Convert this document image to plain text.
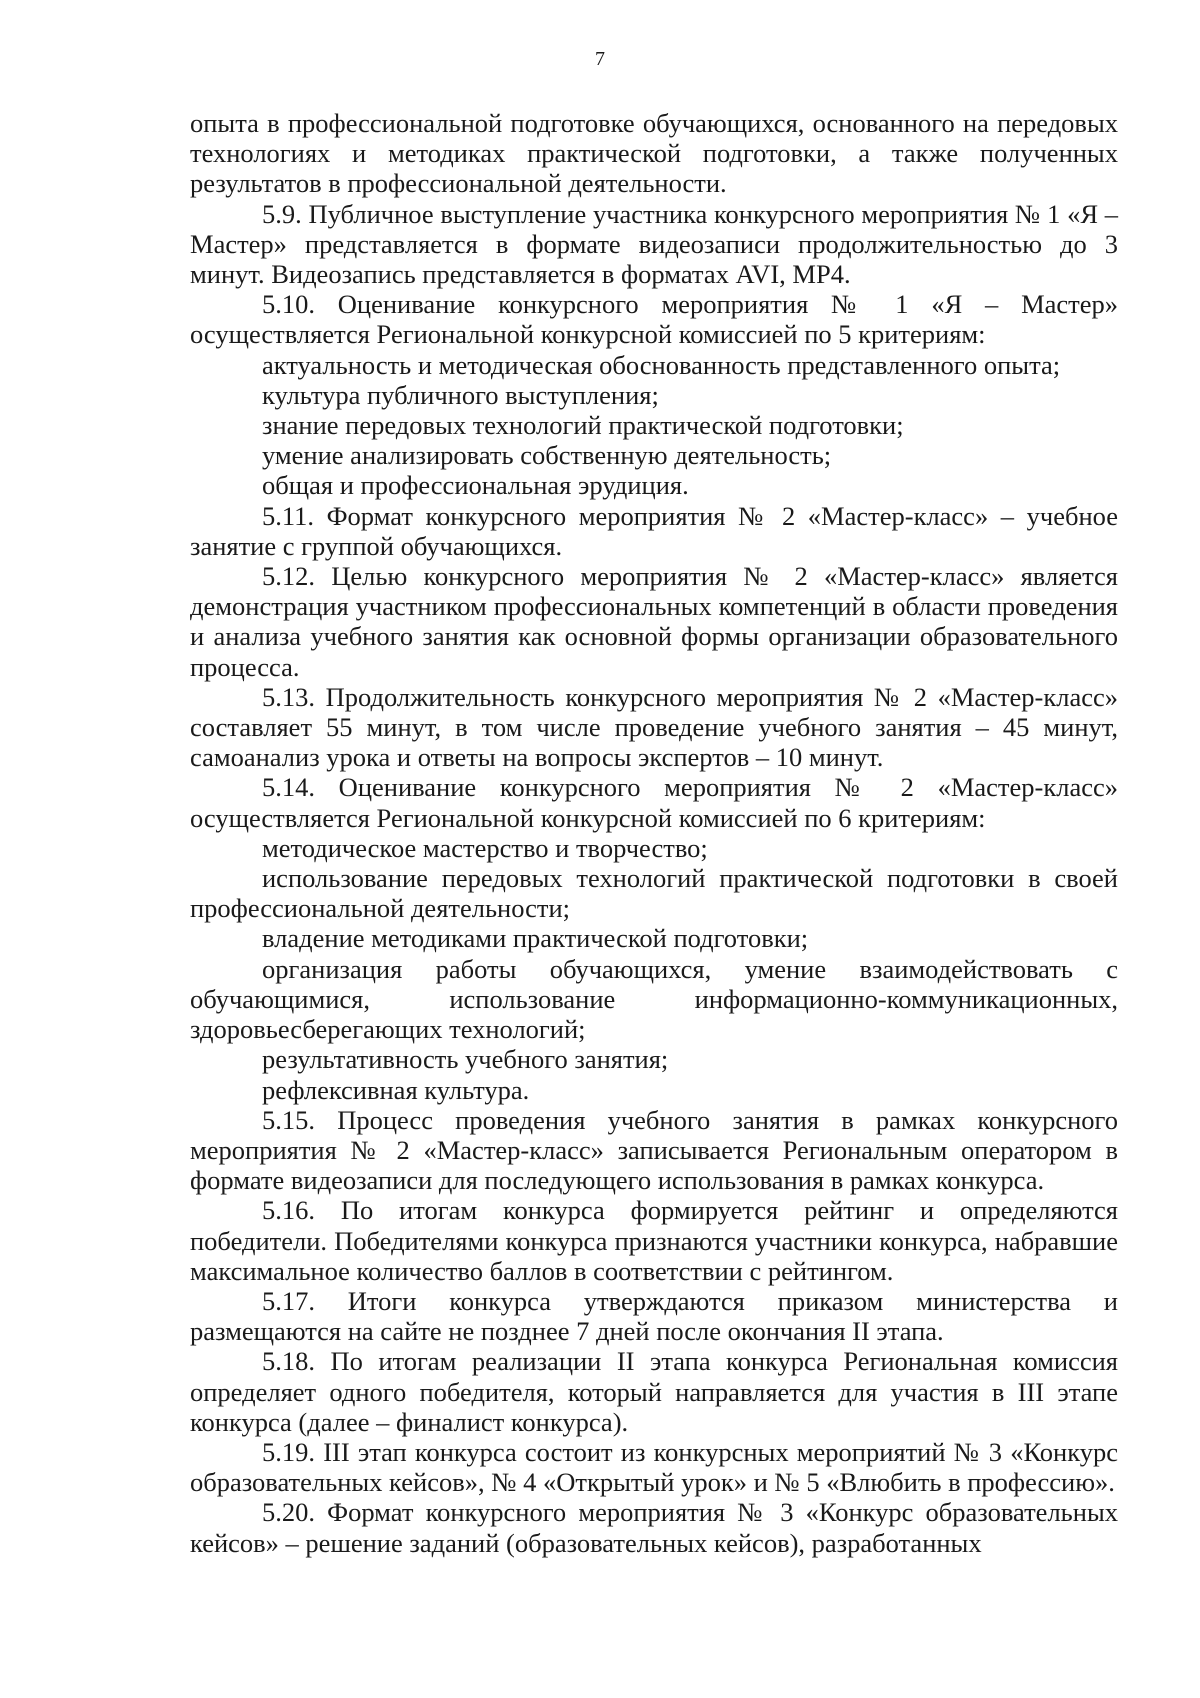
7

опыта в профессиональной подготовке обучающихся, основанного на передовых технологиях и методиках практической подготовки, а также полученных результатов в профессиональной деятельности.

5.9. Публичное выступление участника конкурсного мероприятия № 1 «Я – Мастер» представляется в формате видеозаписи продолжительностью до 3 минут. Видеозапись представляется в форматах AVI, MP4.

5.10. Оценивание конкурсного мероприятия № 1 «Я – Мастер» осуществляется Региональной конкурсной комиссией по 5 критериям:

актуальность и методическая обоснованность представленного опыта;

культура публичного выступления;

знание передовых технологий практической подготовки;

умение анализировать собственную деятельность;

общая и профессиональная эрудиция.

5.11. Формат конкурсного мероприятия № 2 «Мастер-класс» – учебное занятие с группой обучающихся.

5.12. Целью конкурсного мероприятия № 2 «Мастер-класс» является демонстрация участником профессиональных компетенций в области проведения и анализа учебного занятия как основной формы организации образовательного процесса.

5.13. Продолжительность конкурсного мероприятия № 2 «Мастер-класс» составляет 55 минут, в том числе проведение учебного занятия – 45 минут, самоанализ урока и ответы на вопросы экспертов – 10 минут.

5.14. Оценивание конкурсного мероприятия № 2 «Мастер-класс» осуществляется Региональной конкурсной комиссией по 6 критериям:

методическое мастерство и творчество;

использование передовых технологий практической подготовки в своей профессиональной деятельности;

владение методиками практической подготовки;

организация работы обучающихся, умение взаимодействовать с обучающимися, использование информационно-коммуникационных, здоровьесберегающих технологий;

результативность учебного занятия;

рефлексивная культура.

5.15. Процесс проведения учебного занятия в рамках конкурсного мероприятия № 2 «Мастер-класс» записывается Региональным оператором в формате видеозаписи для последующего использования в рамках конкурса.

5.16. По итогам конкурса формируется рейтинг и определяются победители. Победителями конкурса признаются участники конкурса, набравшие максимальное количество баллов в соответствии с рейтингом.

5.17. Итоги конкурса утверждаются приказом министерства и размещаются на сайте не позднее 7 дней после окончания II этапа.

5.18. По итогам реализации II этапа конкурса Региональная комиссия определяет одного победителя, который направляется для участия в III этапе конкурса (далее – финалист конкурса).

5.19. III этап конкурса состоит из конкурсных мероприятий № 3 «Конкурс образовательных кейсов», № 4 «Открытый урок» и № 5 «Влюбить в профессию».

5.20. Формат конкурсного мероприятия № 3 «Конкурс образовательных кейсов» – решение заданий (образовательных кейсов), разработанных
